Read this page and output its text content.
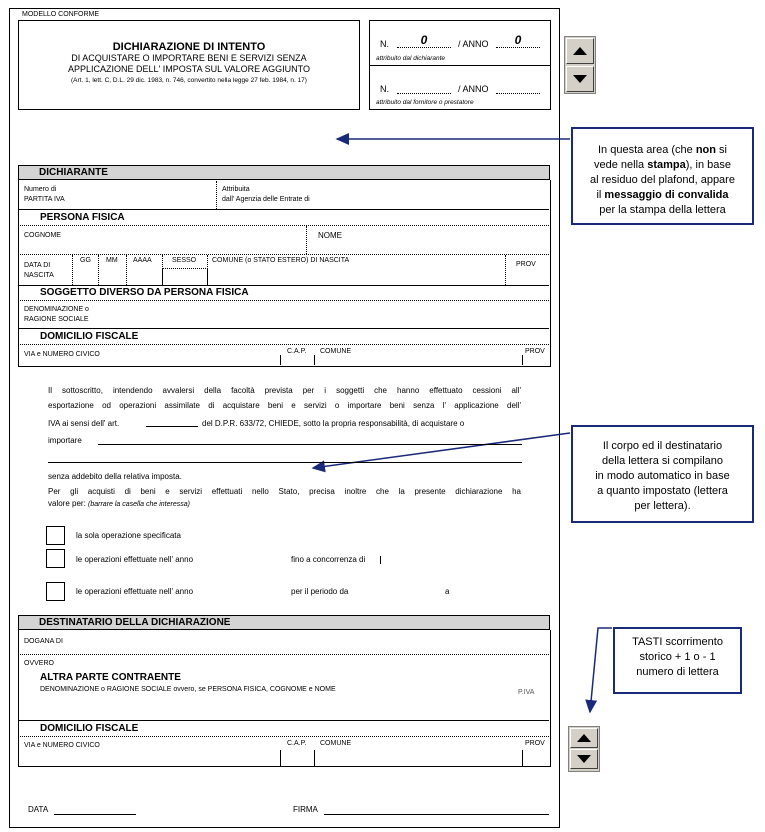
MODELLO CONFORME
DICHIARAZIONE DI INTENTO
DI ACQUISTARE O IMPORTARE BENI E SERVIZI SENZA
APPLICAZIONE DELL' IMPOSTA SUL VALORE AGGIUNTO
(Art. 1, lett. C, D.L. 29 dic. 1983, n. 746, convertito nella legge 27 feb. 1984, n. 17)
N.	0	/ ANNO	0
attribuito dal dichiarante
N.	/ ANNO
attribuito dal fornitore o prestatore
In questa area (che non si
vede nella stampa), in base
al residuo del plafond, appare
il messaggio di convalida
per la stampa della lettera
DICHIARANTE
Numero di
PARTITA IVA
Attribuita
dall' Agenzia delle Entrate di
PERSONA FISICA
COGNOME	NOME
DATA DI
NASCITA
GG MM AAAA	SESSO COMUNE (o STATO ESTERO) DI NASCITA
PROV
SOGGETTO DIVERSO DA PERSONA FISICA
DENOMINAZIONE o
RAGIONE SOCIALE
DOMICILIO FISCALE
VIA e NUMERO CIVICO	C.A.P. COMUNE	PROV
Il sottoscritto, intendendo avvalersi della facoltà prevista per i soggetti che hanno effettuato cessioni all'
esportazione od operazioni assimilate di acquistare beni e servizi o importare beni senza l' applicazione dell'
IVA ai sensi dell' art.	del D.P.R. 633/72, CHIEDE, sotto la propria responsabilità, di acquistare o
importare
senza addebito della relativa imposta.
Per gli acquisti di beni e servizi effettuati nello Stato, precisa inoltre che la presente dichiarazione ha
valore per: (barrare la casella che interessa)
la sola operazione specificata
le operazioni effettuate nell' anno	fino a concorrenza di
le operazioni effettuate nell' anno	per il periodo da	a
Il corpo ed il destinatario
della lettera si compilano
in modo automatico in base
a quanto impostato (lettera
per lettera).
DESTINATARIO DELLA DICHIARAZIONE
DOGANA DI
OVVERO
ALTRA PARTE CONTRAENTE
DENOMINAZIONE o RAGIONE SOCIALE ovvero, se PERSONA FISICA, COGNOME e NOME	P.IVA
DOMICILIO FISCALE
VIA e NUMERO CIVICO	C.A.P. COMUNE	PROV
TASTI scorrimento
storico + 1 o - 1
numero di lettera
DATA	FIRMA
